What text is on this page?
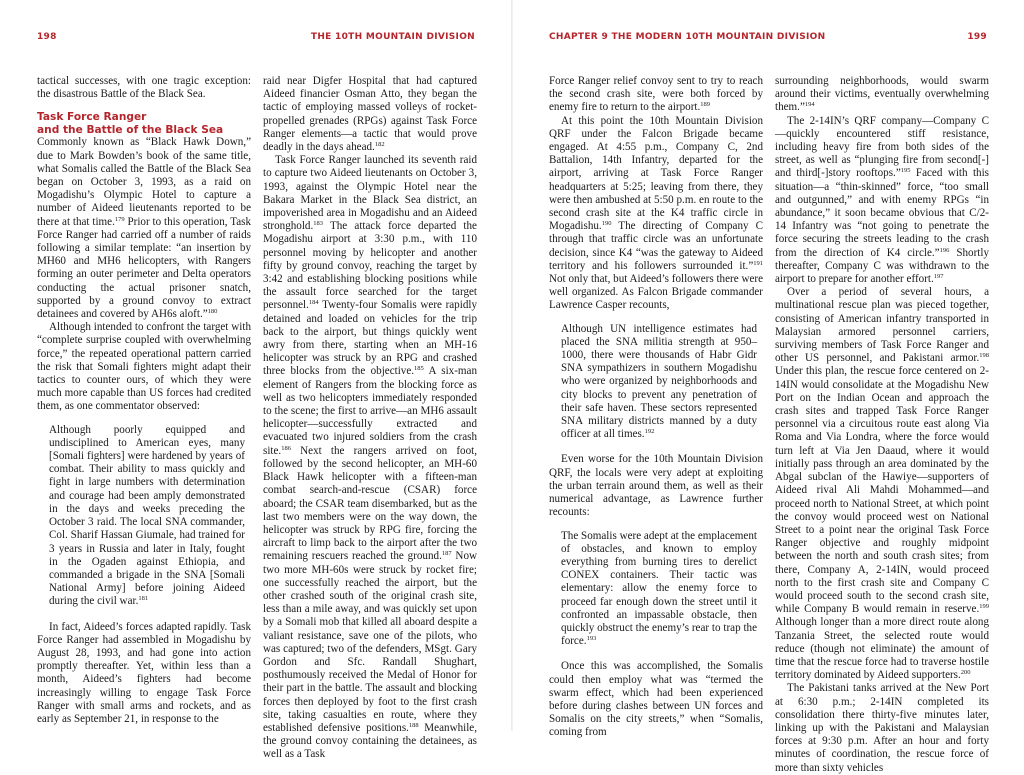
198	THE 10TH MOUNTAIN DIVISION

tactical successes, with one tragic exception: the disastrous Battle of the Black Sea.

Task Force Ranger
and the Battle of the Black Sea

Commonly known as “Black Hawk Down,” due to Mark Bowden’s book of the same title, what Somalis called the Battle of the Black Sea began on October 3, 1993, as a raid on Mogadishu’s Olympic Hotel to capture a number of Aideed lieutenants reported to be there at that time.$^{179}$ Prior to this operation, Task Force Ranger had carried off a number of raids following a similar template: “an insertion by MH60 and MH6 helicopters, with Rangers forming an outer perimeter and Delta operators conducting the actual prisoner snatch, supported by a ground convoy to extract detainees and covered by AH6s aloft.”$^{180}$

Although intended to confront the target with “complete surprise coupled with overwhelming force,” the repeated operational pattern carried the risk that Somali fighters might adapt their tactics to counter ours, of which they were much more capable than US forces had credited them, as one commentator observed:

Although poorly equipped and undisciplined to American eyes, many [Somali fighters] were hardened by years of combat. Their ability to mass quickly and fight in large numbers with determination and courage had been amply demonstrated in the days and weeks preceding the October 3 raid. The local SNA commander, Col. Sharif Hassan Giumale, had trained for 3 years in Russia and later in Italy, fought in the Ogaden against Ethiopia, and commanded a brigade in the SNA [Somali National Army] before joining Aideed during the civil war.$^{181}$

In fact, Aideed’s forces adapted rapidly. Task Force Ranger had assembled in Mogadishu by August 28, 1993, and had gone into action promptly thereafter. Yet, within less than a month, Aideed’s fighters had become increasingly willing to engage Task Force Ranger with small arms and rockets, and as early as September 21, in response to the

raid near Digfer Hospital that had captured Aideed financier Osman Atto, they began the tactic of employing massed volleys of rocket-propelled grenades (RPGs) against Task Force Ranger elements—a tactic that would prove deadly in the days ahead.$^{182}$

Task Force Ranger launched its seventh raid to capture two Aideed lieutenants on October 3, 1993, against the Olympic Hotel near the Bakara Market in the Black Sea district, an impoverished area in Mogadishu and an Aideed stronghold.$^{183}$ The attack force departed the Mogadishu airport at 3:30 p.m., with 110 personnel moving by helicopter and another fifty by ground convoy, reaching the target by 3:42 and establishing blocking positions while the assault force searched for the target personnel.$^{184}$ Twenty-four Somalis were rapidly detained and loaded on vehicles for the trip back to the airport, but things quickly went awry from there, starting when an MH-16 helicopter was struck by an RPG and crashed three blocks from the objective.$^{185}$ A six-man element of Rangers from the blocking force as well as two helicopters immediately responded to the scene; the first to arrive—an MH6 assault helicopter—successfully extracted and evacuated two injured soldiers from the crash site.$^{186}$ Next the rangers arrived on foot, followed by the second helicopter, an MH-60 Black Hawk helicopter with a fifteen-man combat search-and-rescue (CSAR) force aboard; the CSAR team disembarked, but as the last two members were on the way down, the helicopter was struck by RPG fire, forcing the aircraft to limp back to the airport after the two remaining rescuers reached the ground.$^{187}$ Now two more MH-60s were struck by rocket fire; one successfully reached the airport, but the other crashed south of the original crash site, less than a mile away, and was quickly set upon by a Somali mob that killed all aboard despite a valiant resistance, save one of the pilots, who was captured; two of the defenders, MSgt. Gary Gordon and Sfc. Randall Shughart, posthumously received the Medal of Honor for their part in the battle. The assault and blocking forces then deployed by foot to the first crash site, taking casualties en route, where they established defensive positions.$^{188}$ Meanwhile, the ground convoy containing the detainees, as well as a Task

CHAPTER 9 THE MODERN 10TH MOUNTAIN DIVISION	199

Force Ranger relief convoy sent to try to reach the second crash site, were both forced by enemy fire to return to the airport.$^{189}$

At this point the 10th Mountain Division QRF under the Falcon Brigade became engaged. At 4:55 p.m., Company C, 2nd Battalion, 14th Infantry, departed for the airport, arriving at Task Force Ranger headquarters at 5:25; leaving from there, they were then ambushed at 5:50 p.m. en route to the second crash site at the K4 traffic circle in Mogadishu.$^{190}$ The directing of Company C through that traffic circle was an unfortunate decision, since K4 “was the gateway to Aideed territory and his followers surrounded it.”$^{191}$ Not only that, but Aideed’s followers there were well organized. As Falcon Brigade commander Lawrence Casper recounts,

Although UN intelligence estimates had placed the SNA militia strength at 950–1000, there were thousands of Habr Gidr SNA sympathizers in southern Mogadishu who were organized by neighborhoods and city blocks to prevent any penetration of their safe haven. These sectors represented SNA military districts manned by a duty officer at all times.$^{192}$

Even worse for the 10th Mountain Division QRF, the locals were very adept at exploiting the urban terrain around them, as well as their numerical advantage, as Lawrence further recounts:

The Somalis were adept at the emplacement of obstacles, and known to employ everything from burning tires to derelict CONEX containers. Their tactic was elementary: allow the enemy force to proceed far enough down the street until it confronted an impassable obstacle, then quickly obstruct the enemy’s rear to trap the force.$^{193}$

Once this was accomplished, the Somalis could then employ what was “termed the swarm effect, which had been experienced before during clashes between UN forces and Somalis on the city streets,” when “Somalis, coming from

surrounding neighborhoods, would swarm around their victims, eventually overwhelming them.”$^{194}$

The 2-14IN’s QRF company—Company C—quickly encountered stiff resistance, including heavy fire from both sides of the street, as well as “plunging fire from second[-] and third[-]story rooftops.”$^{195}$ Faced with this situation—a “thin-skinned” force, “too small and outgunned,” and with enemy RPGs “in abundance,” it soon became obvious that C/2-14 Infantry was “not going to penetrate the force securing the streets leading to the crash from the direction of K4 circle.”$^{196}$ Shortly thereafter, Company C was withdrawn to the airport to prepare for another effort.$^{197}$

Over a period of several hours, a multinational rescue plan was pieced together, consisting of American infantry transported in Malaysian armored personnel carriers, surviving members of Task Force Ranger and other US personnel, and Pakistani armor.$^{198}$ Under this plan, the rescue force centered on 2-14IN would consolidate at the Mogadishu New Port on the Indian Ocean and approach the crash sites and trapped Task Force Ranger personnel via a circuitous route east along Via Roma and Via Londra, where the force would turn left at Via Jen Daaud, where it would initially pass through an area dominated by the Abgal subclan of the Hawiye—supporters of Aideed rival Ali Mahdi Mohammed—and proceed north to National Street, at which point the convoy would proceed west on National Street to a point near the original Task Force Ranger objective and roughly midpoint between the north and south crash sites; from there, Company A, 2-14IN, would proceed north to the first crash site and Company C would proceed south to the second crash site, while Company B would remain in reserve.$^{199}$ Although longer than a more direct route along Tanzania Street, the selected route would reduce (though not eliminate) the amount of time that the rescue force had to traverse hostile territory dominated by Aideed supporters.$^{200}$

The Pakistani tanks arrived at the New Port at 6:30 p.m.; 2-14IN completed its consolidation there thirty-five minutes later, linking up with the Pakistani and Malaysian forces at 9:30 p.m. After an hour and forty minutes of coordination, the rescue force of more than sixty vehicles
